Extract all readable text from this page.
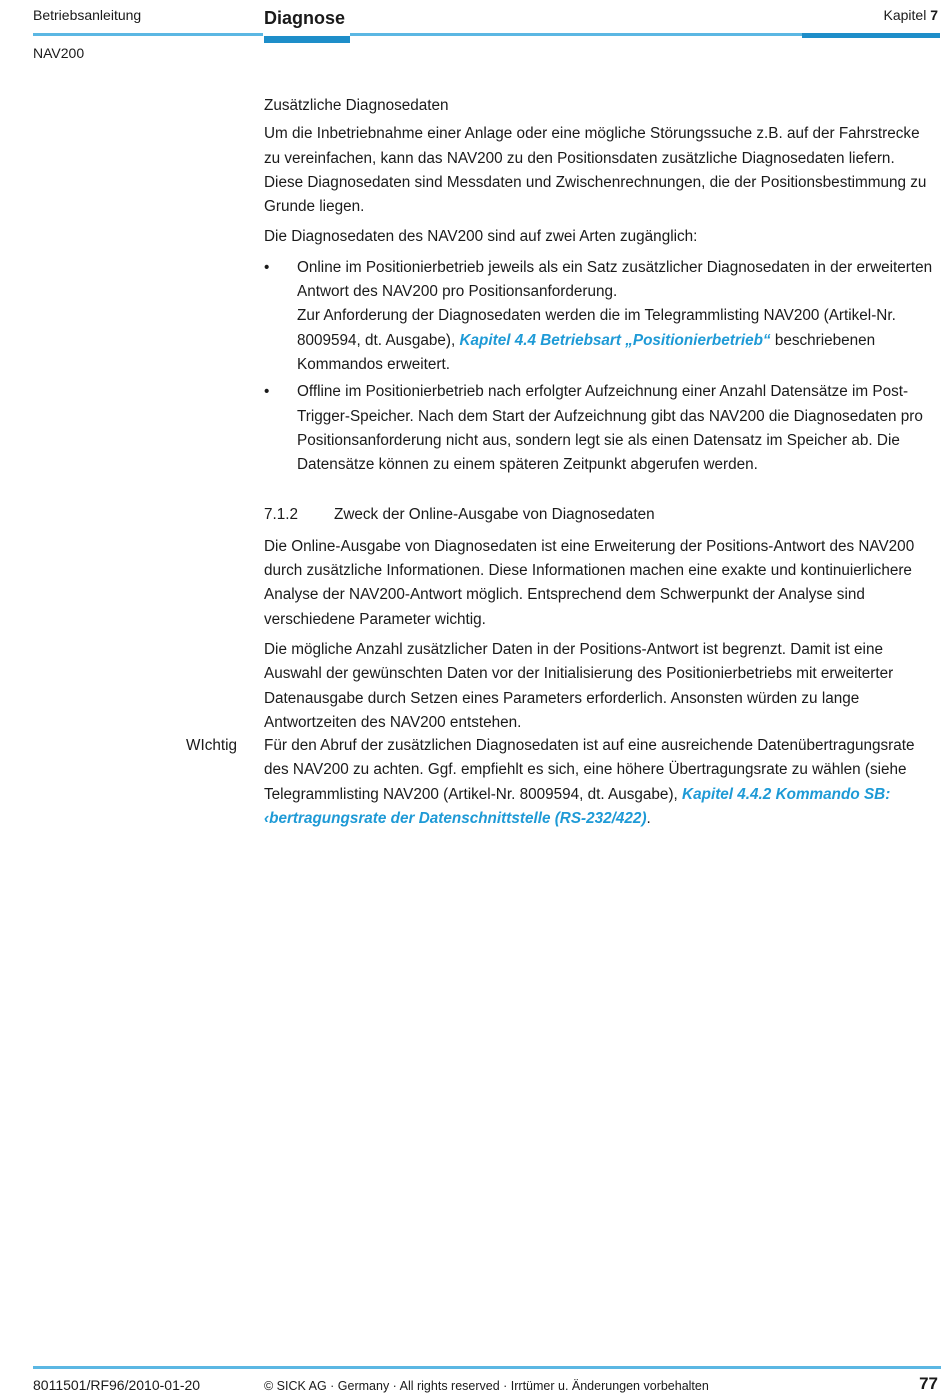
Betriebsanleitung	Diagnose	Kapitel 7
NAV200
Zusätzliche Diagnosedaten

Um die Inbetriebnahme einer Anlage oder eine mögliche Störungssuche z.B. auf der Fahrstrecke zu vereinfachen, kann das NAV200 zu den Positionsdaten zusätzliche Diagnosedaten liefern. Diese Diagnosedaten sind Messdaten und Zwischenrechnungen, die der Positionsbestimmung zu Grunde liegen.

Die Diagnosedaten des NAV200 sind auf zwei Arten zugänglich:

• Online im Positionierbetrieb jeweils als ein Satz zusätzlicher Diagnosedaten in der erweiterten Antwort des NAV200 pro Positionsanforderung.
Zur Anforderung der Diagnosedaten werden die im Telegrammlisting NAV200 (Artikel-Nr. 8009594, dt. Ausgabe), Kapitel 4.4 Betriebsart „Positionierbetrieb“ beschriebenen Kommandos erweitert.
• Offline im Positionierbetrieb nach erfolgter Aufzeichnung einer Anzahl Datensätze im Post-Trigger-Speicher. Nach dem Start der Aufzeichnung gibt das NAV200 die Diagnosedaten pro Positionsanforderung nicht aus, sondern legt sie als einen Datensatz im Speicher ab. Die Datensätze können zu einem späteren Zeitpunkt abgerufen werden.
7.1.2 Zweck der Online-Ausgabe von Diagnosedaten

Die Online-Ausgabe von Diagnosedaten ist eine Erweiterung der Positions-Antwort des NAV200 durch zusätzliche Informationen. Diese Informationen machen eine exakte und kontinuierlichere Analyse der NAV200-Antwort möglich. Entsprechend dem Schwerpunkt der Analyse sind verschiedene Parameter wichtig.

Die mögliche Anzahl zusätzlicher Daten in der Positions-Antwort ist begrenzt. Damit ist eine Auswahl der gewünschten Daten vor der Initialisierung des Positionierbetriebs mit erweiterter Datenausgabe durch Setzen eines Parameters erforderlich. Ansonsten würden zu lange Antwortzeiten des NAV200 entstehen.

WIchtig Für den Abruf der zusätzlichen Diagnosedaten ist auf eine ausreichende Datenübertragungsrate des NAV200 zu achten. Ggf. empfiehlt es sich, eine höhere Übertragungsrate zu wählen (siehe Telegrammlisting NAV200 (Artikel-Nr. 8009594, dt. Ausgabe), Kapitel 4.4.2 Kommando SB: ‹bertragungsrate der Datenschnittstelle (RS-232/422).
8011501/RF96/2010-01-20	© SICK AG · Germany · All rights reserved · Irrtümer u. Änderungen vorbehalten	77
